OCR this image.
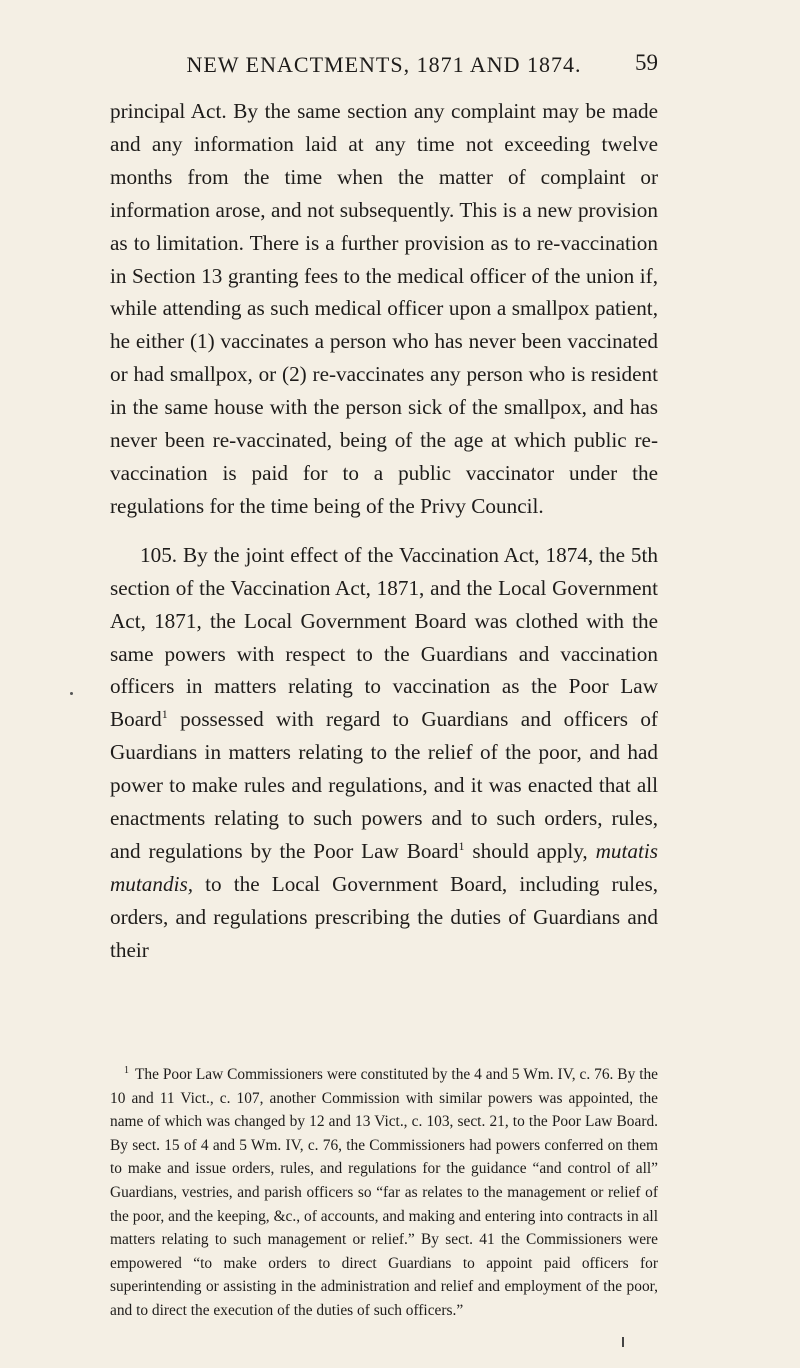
NEW ENACTMENTS, 1871 AND 1874.	59

principal Act. By the same section any complaint may be made and any information laid at any time not exceeding twelve months from the time when the matter of complaint or information arose, and not subsequently. This is a new provision as to limitation. There is a further provision as to re-vaccination in Section 13 granting fees to the medical officer of the union if, while attending as such medical officer upon a smallpox patient, he either (1) vaccinates a person who has never been vaccinated or had smallpox, or (2) re-vaccinates any person who is resident in the same house with the person sick of the smallpox, and has never been re-vaccinated, being of the age at which public re-vaccination is paid for to a public vaccinator under the regulations for the time being of the Privy Council.

105. By the joint effect of the Vaccination Act, 1874, the 5th section of the Vaccination Act, 1871, and the Local Government Act, 1871, the Local Government Board was clothed with the same powers with respect to the Guardians and vaccination officers in matters relating to vaccination as the Poor Law Board$^1$ possessed with regard to Guardians and officers of Guardians in matters relating to the relief of the poor, and had power to make rules and regulations, and it was enacted that all enactments relating to such powers and to such orders, rules, and regulations by the Poor Law Board$^1$ should apply, mutatis mutandis, to the Local Government Board, including rules, orders, and regulations prescribing the duties of Guardians and their

$^1$ The Poor Law Commissioners were constituted by the 4 and 5 Wm. IV, c. 76. By the 10 and 11 Vict., c. 107, another Commission with similar powers was appointed, the name of which was changed by 12 and 13 Vict., c. 103, sect. 21, to the Poor Law Board. By sect. 15 of 4 and 5 Wm. IV, c. 76, the Commissioners had powers conferred on them to make and issue orders, rules, and regulations for the guidance “and control of all” Guardians, vestries, and parish officers so “far as relates to the management or relief of the poor, and the keeping, &c., of accounts, and making and entering into contracts in all matters relating to such management or relief.” By sect. 41 the Commissioners were empowered “to make orders to direct Guardians to appoint paid officers for superintending or assisting in the administration and relief and employment of the poor, and to direct the execution of the duties of such officers.”
